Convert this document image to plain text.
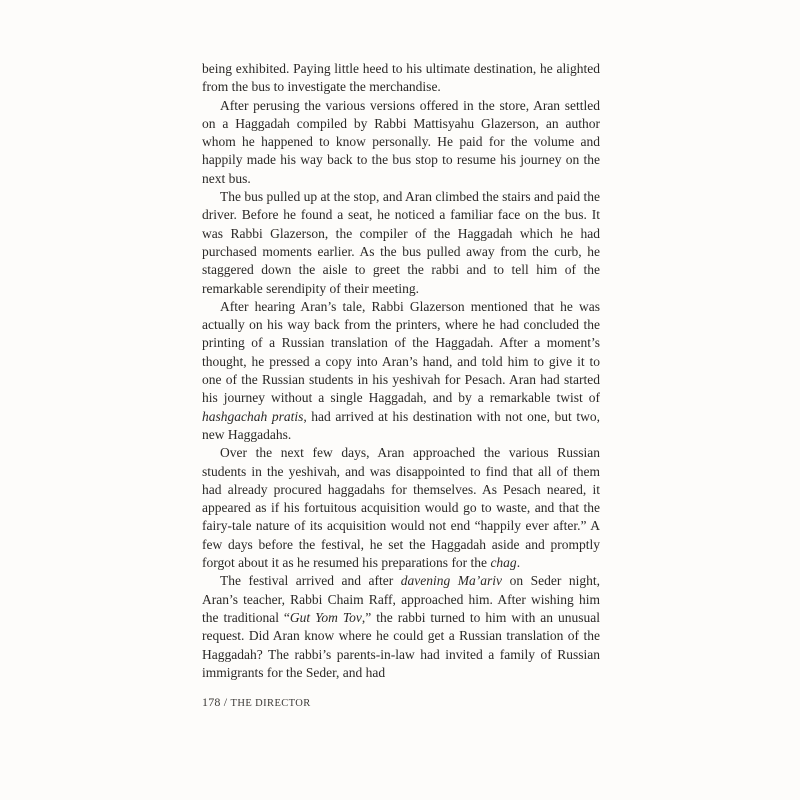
being exhibited. Paying little heed to his ultimate destination, he alighted from the bus to investigate the merchandise.

After perusing the various versions offered in the store, Aran settled on a Haggadah compiled by Rabbi Mattisyahu Glazerson, an author whom he happened to know personally. He paid for the volume and happily made his way back to the bus stop to resume his journey on the next bus.

The bus pulled up at the stop, and Aran climbed the stairs and paid the driver. Before he found a seat, he noticed a familiar face on the bus. It was Rabbi Glazerson, the compiler of the Haggadah which he had purchased moments earlier. As the bus pulled away from the curb, he staggered down the aisle to greet the rabbi and to tell him of the remarkable serendipity of their meeting.

After hearing Aran’s tale, Rabbi Glazerson mentioned that he was actually on his way back from the printers, where he had concluded the printing of a Russian translation of the Haggadah. After a moment’s thought, he pressed a copy into Aran’s hand, and told him to give it to one of the Russian students in his yeshivah for Pesach. Aran had started his journey without a single Haggadah, and by a remarkable twist of hashgachah pratis, had arrived at his destination with not one, but two, new Haggadahs.

Over the next few days, Aran approached the various Russian students in the yeshivah, and was disappointed to find that all of them had already procured haggadahs for themselves. As Pesach neared, it appeared as if his fortuitous acquisition would go to waste, and that the fairy-tale nature of its acquisition would not end “happily ever after.” A few days before the festival, he set the Haggadah aside and promptly forgot about it as he resumed his preparations for the chag.

The festival arrived and after davening Ma’ariv on Seder night, Aran’s teacher, Rabbi Chaim Raff, approached him. After wishing him the traditional “Gut Yom Tov,” the rabbi turned to him with an unusual request. Did Aran know where he could get a Russian translation of the Haggadah? The rabbi’s parents-in-law had invited a family of Russian immigrants for the Seder, and had

178 / THE DIRECTOR
